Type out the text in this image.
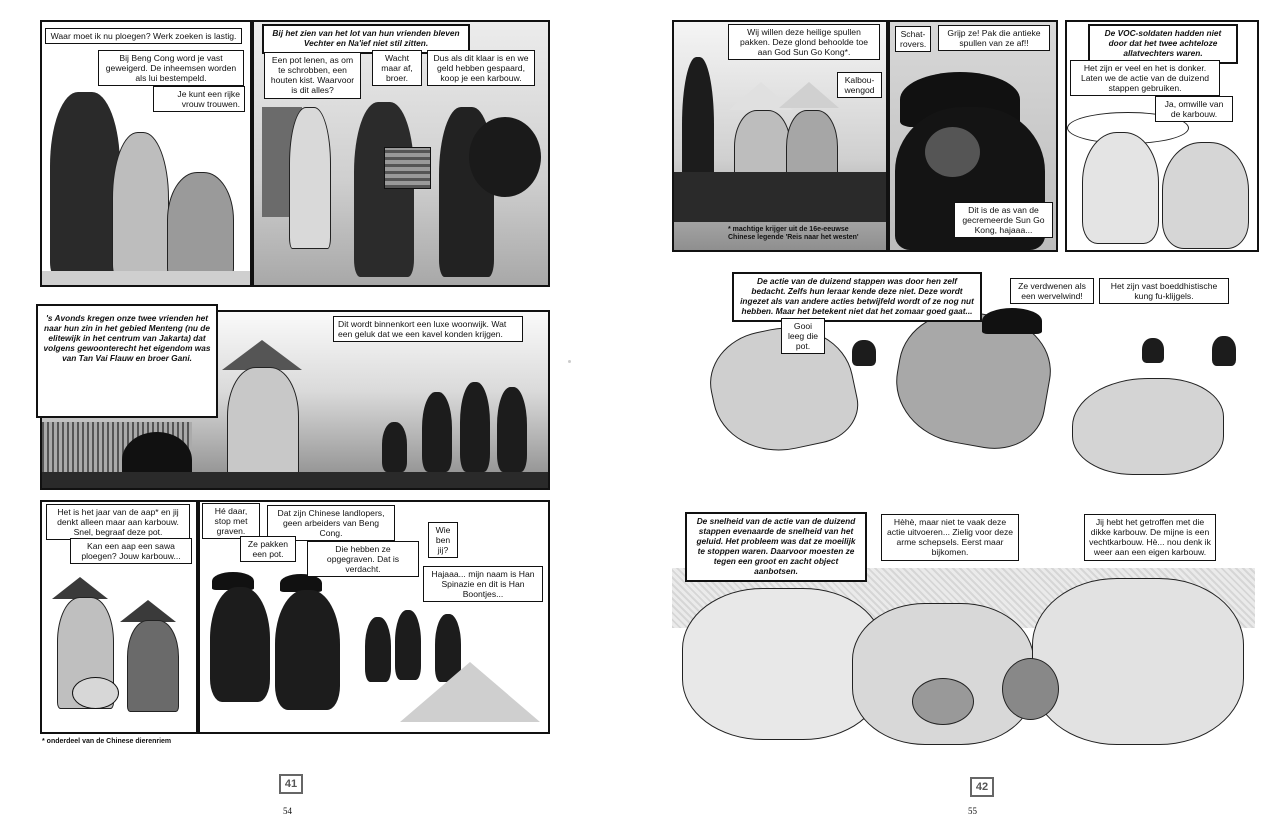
Waar moet ik nu ploegen? Werk zoeken is lastig.
Bij Beng Cong word je vast geweigerd. De inheemsen worden als lui bestempeld.
Je kunt een rijke vrouw trouwen.
Bij het zien van het lot van hun vrienden bleven Vechter en Na'ief niet stil zitten.
Een pot lenen, as om te schrobben, een houten kist. Waarvoor is dit alles?
Wacht maar af, broer.
Dus als dit klaar is en we geld hebben gespaard, koop je een karbouw.
's Avonds kregen onze twee vrienden het naar hun zin in het gebied Menteng (nu de elitewijk in het centrum van Jakarta) dat volgens gewoonterecht het eigendom was van Tan Vai Flauw en broer Gani.
Dit wordt binnenkort een luxe woonwijk. Wat een geluk dat we een kavel konden krijgen.
Het is het jaar van de aap* en jij denkt alleen maar aan karbouw. Snel, begraaf deze pot.
Kan een aap een sawa ploegen? Jouw karbouw...
* onderdeel van de Chinese dierenriem
Hé daar, stop met graven.
Dat zijn Chinese landlopers, geen arbeiders van Beng Cong.
Ze pakken een pot.
Die hebben ze opgegraven. Dat is verdacht.
Wie ben jij?
Hajaaa... mijn naam is Han Spinazie en dit is Han Boontjes...
41
54
Wij willen deze heilige spullen pakken. Deze glond behoolde toe aan God Sun Go Kong*.
Kalbou-wengod
* machtige krijger uit de 16e-eeuwse Chinese legende 'Reis naar het westen'
Schat-rovers.
Grijp ze! Pak die antieke spullen van ze af!!
Dit is de as van de gecremeerde Sun Go Kong, hajaaa...
De VOC-soldaten hadden niet door dat het twee achteloze allatvechters waren.
Het zijn er veel en het is donker. Laten we de actie van de duizend stappen gebruiken.
Ja, omwille van de karbouw.
De actie van de duizend stappen was door hen zelf bedacht. Zelfs hun leraar kende deze niet. Deze wordt ingezet als van andere acties betwijfeld wordt of ze nog nut hebben. Maar het betekent niet dat het zomaar goed gaat...
Gooi leeg die pot.
Ze verdwenen als een wervelwind!
Het zijn vast boeddhistische kung fu-klijgels.
De snelheid van de actie van de duizend stappen evenaarde de snelheid van het geluid. Het probleem was dat ze moeilijk te stoppen waren. Daarvoor moesten ze tegen een groot en zacht object aanbotsen.
Hèhè, maar niet te vaak deze actie uitvoeren... Zielig voor deze arme schepsels. Eerst maar bijkomen.
Jij hebt het getroffen met die dikke karbouw. De mijne is een vechtkarbouw. Hè... nou denk ik weer aan een eigen karbouw.
42
55
